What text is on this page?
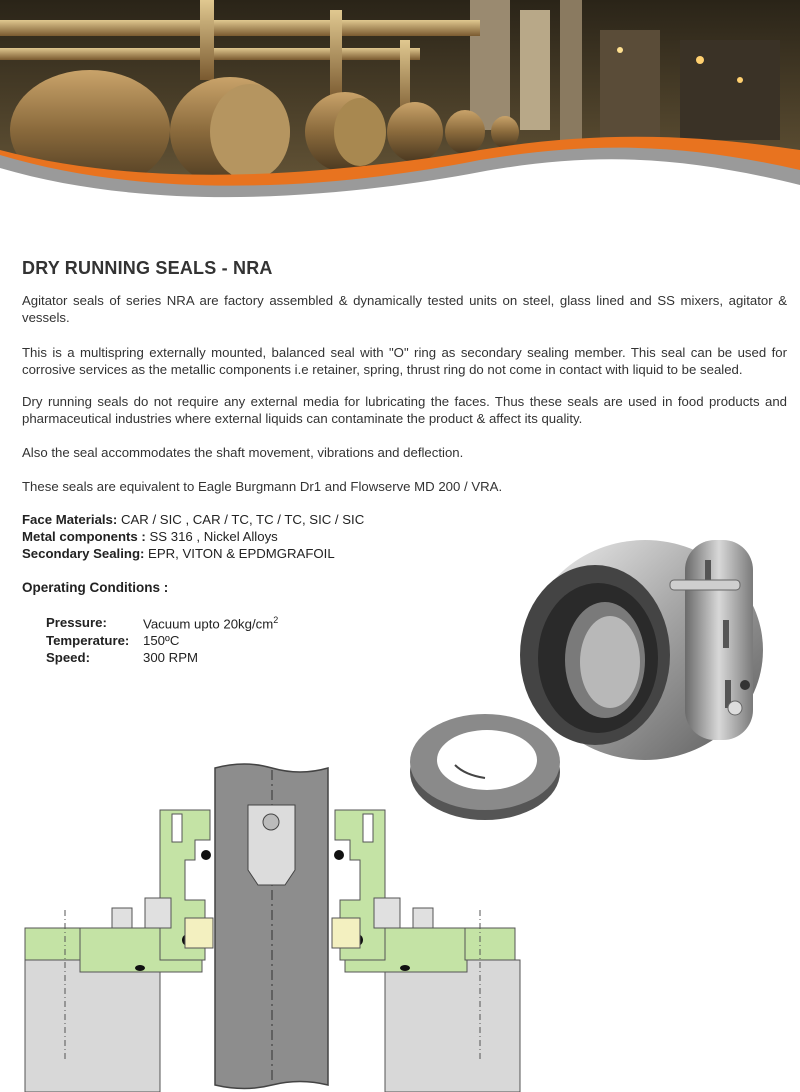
DRY RUNNING SEALS - NRA

Agitator seals of series NRA are factory assembled & dynamically tested units on steel, glass lined and SS mixers, agitator & vessels.

This is a multispring externally mounted, balanced seal with "O" ring as secondary sealing member. This seal can be used for corrosive services as the metallic components i.e retainer, spring, thrust ring do not come in contact with liquid to be sealed.

Dry running seals do not require any external media for lubricating the faces. Thus these seals are used in food products and pharmaceutical industries where external liquids can contaminate the product & affect its quality.

Also the seal accommodates the shaft movement, vibrations and deflection.

These seals are equivalent to Eagle Burgmann Dr1 and Flowserve MD 200 / VRA.

Face Materials: CAR / SIC , CAR / TC, TC / TC, SIC / SIC
Metal components : SS 316 , Nickel Alloys
Secondary Sealing: EPR, VITON & EPDMGRAFOIL
Operating Conditions :
Pressure:	Vacuum upto $20kg/cm^2$
Temperature:	150ºC
Speed:	300 RPM
